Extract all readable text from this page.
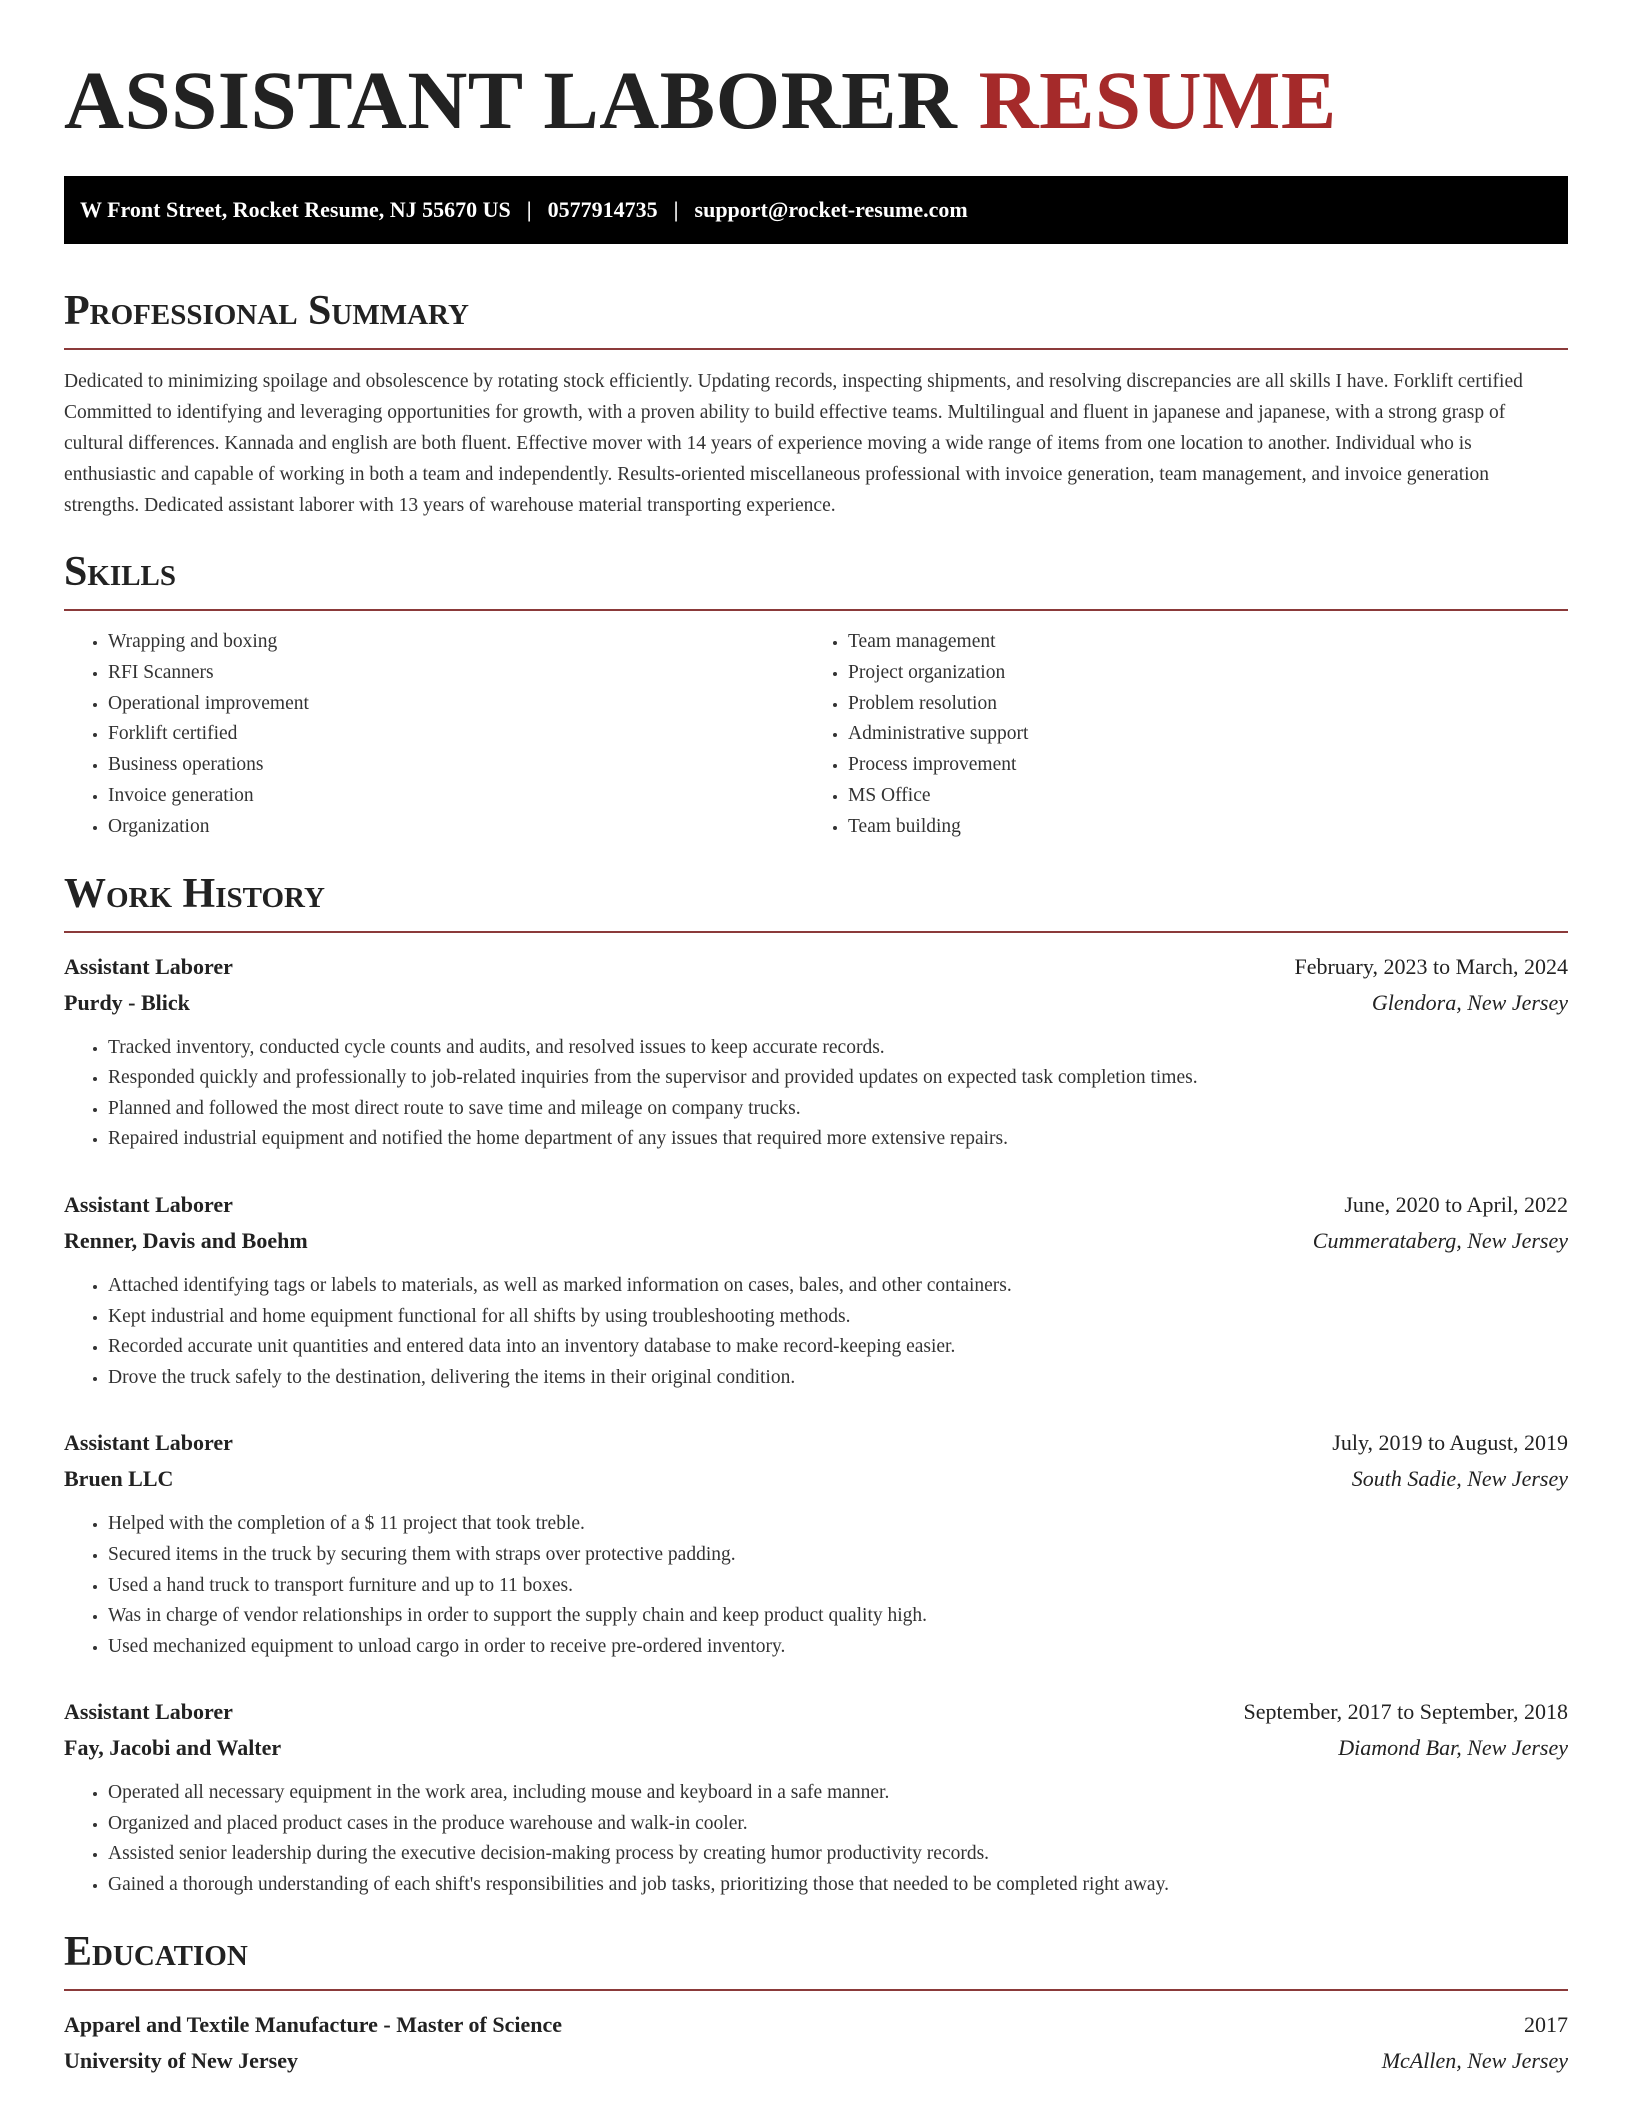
ASSISTANT LABORER RESUME
W Front Street, Rocket Resume, NJ 55670 US | 0577914735 | support@rocket-resume.com
Professional Summary

Dedicated to minimizing spoilage and obsolescence by rotating stock efficiently. Updating records, inspecting shipments, and resolving discrepancies are all skills I have. Forklift certified Committed to identifying and leveraging opportunities for growth, with a proven ability to build effective teams. Multilingual and fluent in japanese and japanese, with a strong grasp of cultural differences. Kannada and english are both fluent. Effective mover with 14 years of experience moving a wide range of items from one location to another. Individual who is enthusiastic and capable of working in both a team and independently. Results-oriented miscellaneous professional with invoice generation, team management, and invoice generation strengths. Dedicated assistant laborer with 13 years of warehouse material transporting experience.

Skills
• Wrapping and boxing
• RFI Scanners
• Operational improvement
• Forklift certified
• Business operations
• Invoice generation
• Organization
• Team management
• Project organization
• Problem resolution
• Administrative support
• Process improvement
• MS Office
• Team building
Work History
Assistant Laborer	February, 2023 to March, 2024
Purdy - Blick	Glendora, New Jersey
• Tracked inventory, conducted cycle counts and audits, and resolved issues to keep accurate records.
• Responded quickly and professionally to job-related inquiries from the supervisor and provided updates on expected task completion times.
• Planned and followed the most direct route to save time and mileage on company trucks.
• Repaired industrial equipment and notified the home department of any issues that required more extensive repairs.
Assistant Laborer	June, 2020 to April, 2022
Renner, Davis and Boehm	Cummerataberg, New Jersey
• Attached identifying tags or labels to materials, as well as marked information on cases, bales, and other containers.
• Kept industrial and home equipment functional for all shifts by using troubleshooting methods.
• Recorded accurate unit quantities and entered data into an inventory database to make record-keeping easier.
• Drove the truck safely to the destination, delivering the items in their original condition.
Assistant Laborer	July, 2019 to August, 2019
Bruen LLC	South Sadie, New Jersey
• Helped with the completion of a $ 11 project that took treble.
• Secured items in the truck by securing them with straps over protective padding.
• Used a hand truck to transport furniture and up to 11 boxes.
• Was in charge of vendor relationships in order to support the supply chain and keep product quality high.
• Used mechanized equipment to unload cargo in order to receive pre-ordered inventory.
Assistant Laborer	September, 2017 to September, 2018
Fay, Jacobi and Walter	Diamond Bar, New Jersey
• Operated all necessary equipment in the work area, including mouse and keyboard in a safe manner.
• Organized and placed product cases in the produce warehouse and walk-in cooler.
• Assisted senior leadership during the executive decision-making process by creating humor productivity records.
• Gained a thorough understanding of each shift's responsibilities and job tasks, prioritizing those that needed to be completed right away.
Education
Apparel and Textile Manufacture - Master of Science	2017
University of New Jersey	McAllen, New Jersey
